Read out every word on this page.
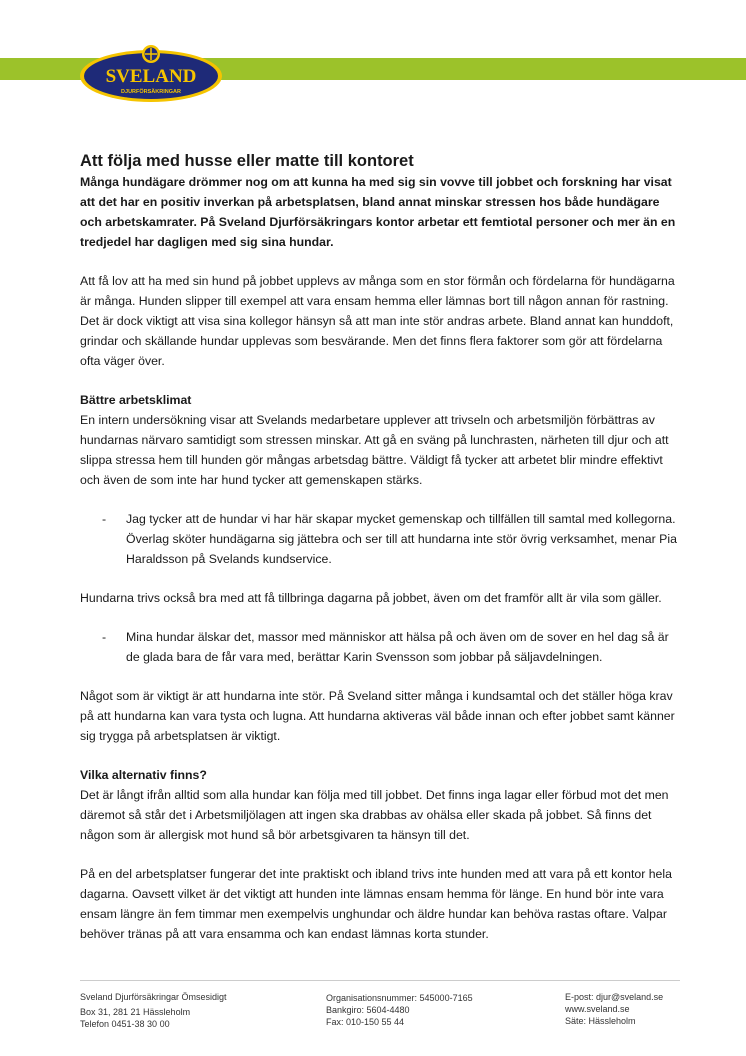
SVELAND
DJURFÖRSÄKRINGAR
Att följa med husse eller matte till kontoret

Många hundägare drömmer nog om att kunna ha med sig sin vovve till jobbet och forskning har visat att det har en positiv inverkan på arbetsplatsen, bland annat minskar stressen hos både hundägare och arbetskamrater. På Sveland Djurförsäkringars kontor arbetar ett femtiotal personer och mer än en tredjedel har dagligen med sig sina hundar.

Att få lov att ha med sin hund på jobbet upplevs av många som en stor förmån och fördelarna för hundägarna är många. Hunden slipper till exempel att vara ensam hemma eller lämnas bort till någon annan för rastning. Det är dock viktigt att visa sina kollegor hänsyn så att man inte stör andras arbete. Bland annat kan hunddoft, grindar och skällande hundar upplevas som besvärande. Men det finns flera faktorer som gör att fördelarna ofta väger över.

Bättre arbetsklimat

En intern undersökning visar att Svelands medarbetare upplever att trivseln och arbetsmiljön förbättras av hundarnas närvaro samtidigt som stressen minskar. Att gå en sväng på lunchrasten, närheten till djur och att slippa stressa hem till hunden gör mångas arbetsdag bättre. Väldigt få tycker att arbetet blir mindre effektivt och även de som inte har hund tycker att gemenskapen stärks.

- Jag tycker att de hundar vi har här skapar mycket gemenskap och tillfällen till samtal med kollegorna. Överlag sköter hundägarna sig jättebra och ser till att hundarna inte stör övrig verksamhet, menar Pia Haraldsson på Svelands kundservice.

Hundarna trivs också bra med att få tillbringa dagarna på jobbet, även om det framför allt är vila som gäller.

- Mina hundar älskar det, massor med människor att hälsa på och även om de sover en hel dag så är de glada bara de får vara med, berättar Karin Svensson som jobbar på säljavdelningen.

Något som är viktigt är att hundarna inte stör. På Sveland sitter många i kundsamtal och det ställer höga krav på att hundarna kan vara tysta och lugna. Att hundarna aktiveras väl både innan och efter jobbet samt känner sig trygga på arbetsplatsen är viktigt.

Vilka alternativ finns?

Det är långt ifrån alltid som alla hundar kan följa med till jobbet. Det finns inga lagar eller förbud mot det men däremot så står det i Arbetsmiljölagen att ingen ska drabbas av ohälsa eller skada på jobbet. Så finns det någon som är allergisk mot hund så bör arbetsgivaren ta hänsyn till det.

På en del arbetsplatser fungerar det inte praktiskt och ibland trivs inte hunden med att vara på ett kontor hela dagarna. Oavsett vilket är det viktigt att hunden inte lämnas ensam hemma för länge. En hund bör inte vara ensam längre än fem timmar men exempelvis unghundar och äldre hundar kan behöva rastas oftare. Valpar behöver tränas på att vara ensamma och kan endast lämnas korta stunder.

Sveland Djurförsäkringar Ömsesidigt
Box 31, 281 21 Hässleholm
Telefon 0451-38 30 00
Organisationsnummer: 545000-7165
Bankgiro: 5604-4480
Fax: 010-150 55 44
E-post: djur@sveland.se
www.sveland.se
Säte: Hässleholm
